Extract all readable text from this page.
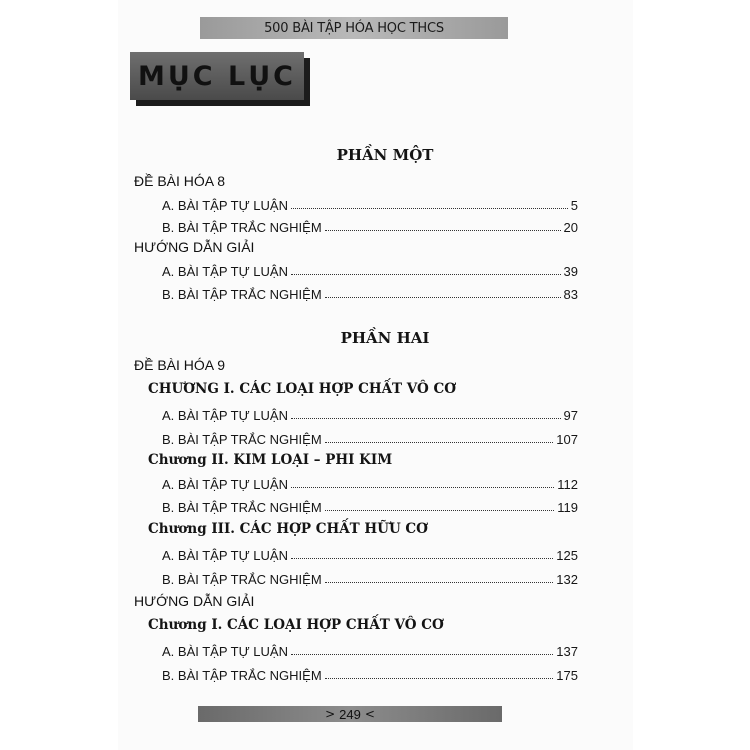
500 BÀI TẬP HÓA HỌC THCS
MỤC LỤC
PHẦN MỘT
ĐỀ BÀI HÓA 8
A. BÀI TẬP TỰ LUẬN	5
B. BÀI TẬP TRẮC NGHIỆM	20
HƯỚNG DẪN GIẢI
A. BÀI TẬP TỰ LUẬN	39
B. BÀI TẬP TRẮC NGHIỆM	83
PHẦN HAI
ĐỀ BÀI HÓA 9
CHƯƠNG I. CÁC LOẠI HỢP CHẤT VÔ CƠ
A. BÀI TẬP TỰ LUẬN	97
B. BÀI TẬP TRẮC NGHIỆM	107
Chương II. KIM LOẠI – PHI KIM
A. BÀI TẬP TỰ LUẬN	112
B. BÀI TẬP TRẮC NGHIỆM	119
Chương III. CÁC HỢP CHẤT HỮU CƠ
A. BÀI TẬP TỰ LUẬN	125
B. BÀI TẬP TRẮC NGHIỆM	132
HƯỚNG DẪN GIẢI
Chương I. CÁC LOẠI HỢP CHẤT VÔ CƠ
A. BÀI TẬP TỰ LUẬN	137
B. BÀI TẬP TRẮC NGHIỆM	175
> 249 <
